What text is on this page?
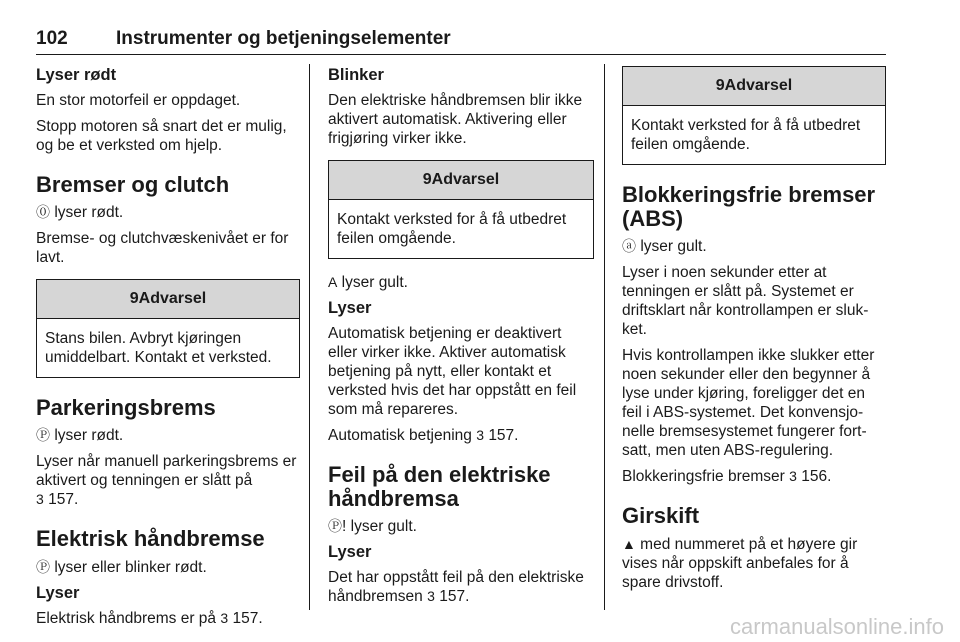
102	Instrumenter og betjeningselementer
Lyser rødt

En stor motorfeil er oppdaget.

Stopp motoren så snart det er mulig, og be et verksted om hjelp.

Bremser og clutch

⓪ lyser rødt.

Bremse- og clutchvæskenivået er for lavt.

9Advarsel
Stans bilen. Avbryt kjøringen umiddelbart. Kontakt et verksted.
Parkeringsbrems

Ⓟ lyser rødt.

Lyser når manuell parkeringsbrems er aktivert og tenningen er slått på
3 157.

Elektrisk håndbremse

Ⓟ lyser eller blinker rødt.

Lyser

Elektrisk håndbrems er på 3 157.

Blinker

Den elektriske håndbremsen blir ikke aktivert automatisk. Aktivering eller frigjøring virker ikke.

9Advarsel
Kontakt verksted for å få utbedret feilen omgående.

A lyser gult.

Lyser

Automatisk betjening er deaktivert eller virker ikke. Aktiver automatisk betjening på nytt, eller kontakt et verksted hvis det har oppstått en feil som må repareres.

Automatisk betjening 3 157.

Feil på den elektriske håndbremsa

Ⓟ! lyser gult.

Lyser

Det har oppstått feil på den elektriske håndbremsen 3 157.

9Advarsel
Kontakt verksted for å få utbedret feilen omgående.
Blokkeringsfrie bremser (ABS)

ⓐ lyser gult.

Lyser i noen sekunder etter at tenningen er slått på. Systemet er driftsklart når kontrollampen er sluk-ket.

Hvis kontrollampen ikke slukker etter noen sekunder eller den begynner å lyse under kjøring, foreligger det en feil i ABS-systemet. Det konvensjo-nelle bremsesystemet fungerer fort-satt, men uten ABS-regulering.

Blokkeringsfrie bremser 3 156.

Girskift

▲ med nummeret på et høyere gir vises når oppskift anbefales for å spare drivstoff.

carmanualsonline.info
